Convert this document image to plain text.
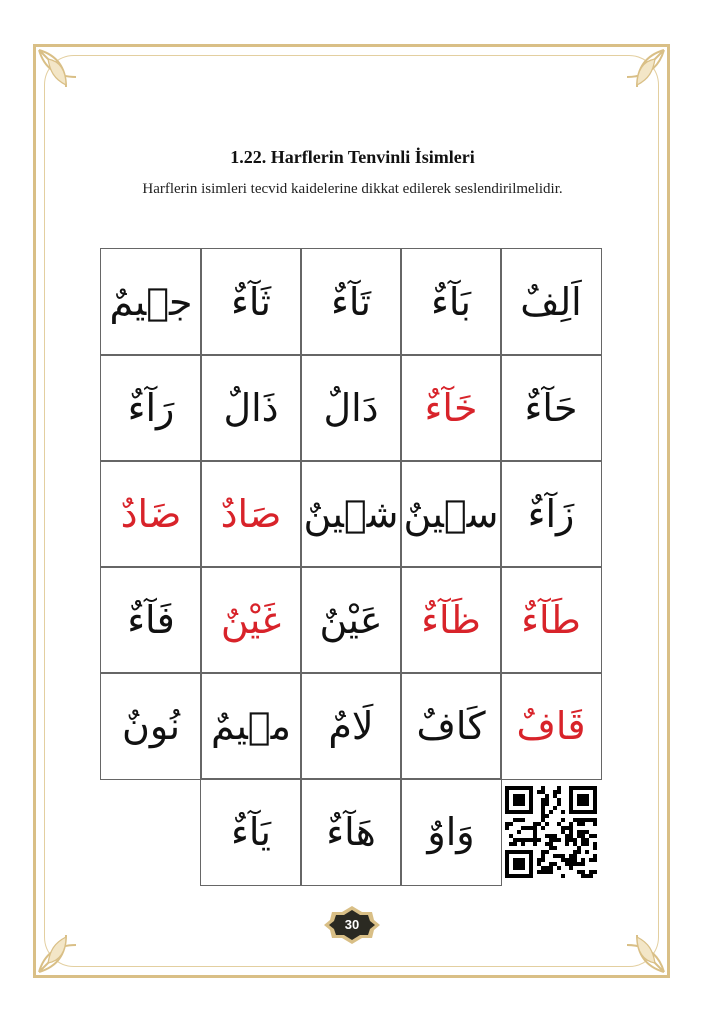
1.22. Harflerin Tenvinli İsimleri
Harflerin isimleri tecvid kaidelerine dikkat edilerek seslendirilmelidir.
اَلِفٌ
بَآءٌ
تَآءٌ
ثَآءٌ
جٖيمٌ
حَآءٌ
خَآءٌ
دَالٌ
ذَالٌ
رَآءٌ
زَآءٌ
سٖينٌ
شٖينٌ
صَادٌ
ضَادٌ
طَآءٌ
ظَآءٌ
عَيْنٌ
غَيْنٌ
فَآءٌ
قَافٌ
كَافٌ
لَامٌ
مٖيمٌ
نُونٌ
وَاوٌ
هَآءٌ
يَآءٌ
30
